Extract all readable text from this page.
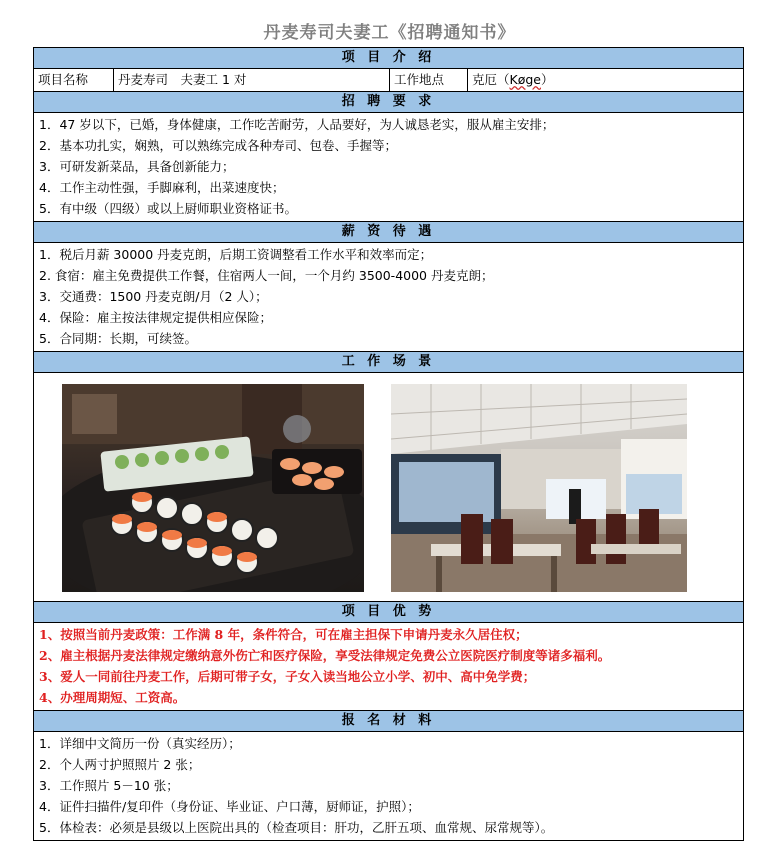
丹麦寿司夫妻工《招聘通知书》
项 目 介 绍
项目名称	丹麦寿司　夫妻工 1 对	工作地点	克厄（Køge）
招 聘 要 求
1．47 岁以下，已婚，身体健康，工作吃苦耐劳，人品要好，为人诚恳老实，服从雇主安排；
2．基本功扎实，娴熟，可以熟练完成各种寿司、包卷、手握等；
3．可研发新菜品，具备创新能力；
4．工作主动性强，手脚麻利，出菜速度快；
5．有中级（四级）或以上厨师职业资格证书。
薪 资 待 遇
1．税后月薪 30000 丹麦克朗，后期工资调整看工作水平和效率而定；
2. 食宿：雇主免费提供工作餐，住宿两人一间，一个月约 3500-4000 丹麦克朗；
3．交通费：1500 丹麦克朗/月（2 人）；
4．保险：雇主按法律规定提供相应保险；
5．合同期：长期，可续签。
工 作 场 景
项 目 优 势
1、按照当前丹麦政策：工作满 8 年，条件符合，可在雇主担保下申请丹麦永久居住权；
2、雇主根据丹麦法律规定缴纳意外伤亡和医疗保险，享受法律规定免费公立医院医疗制度等诸多福利。
3、爱人一同前往丹麦工作，后期可带子女，子女入读当地公立小学、初中、高中免学费；
4、办理周期短、工资高。
报 名 材 料
1．详细中文简历一份（真实经历）；
2．个人两寸护照照片 2 张；
3．工作照片 5－10 张；
4．证件扫描件/复印件（身份证、毕业证、户口薄，厨师证，护照）；
5．体检表：必须是县级以上医院出具的（检查项目：肝功，乙肝五项、血常规、尿常规等）。
